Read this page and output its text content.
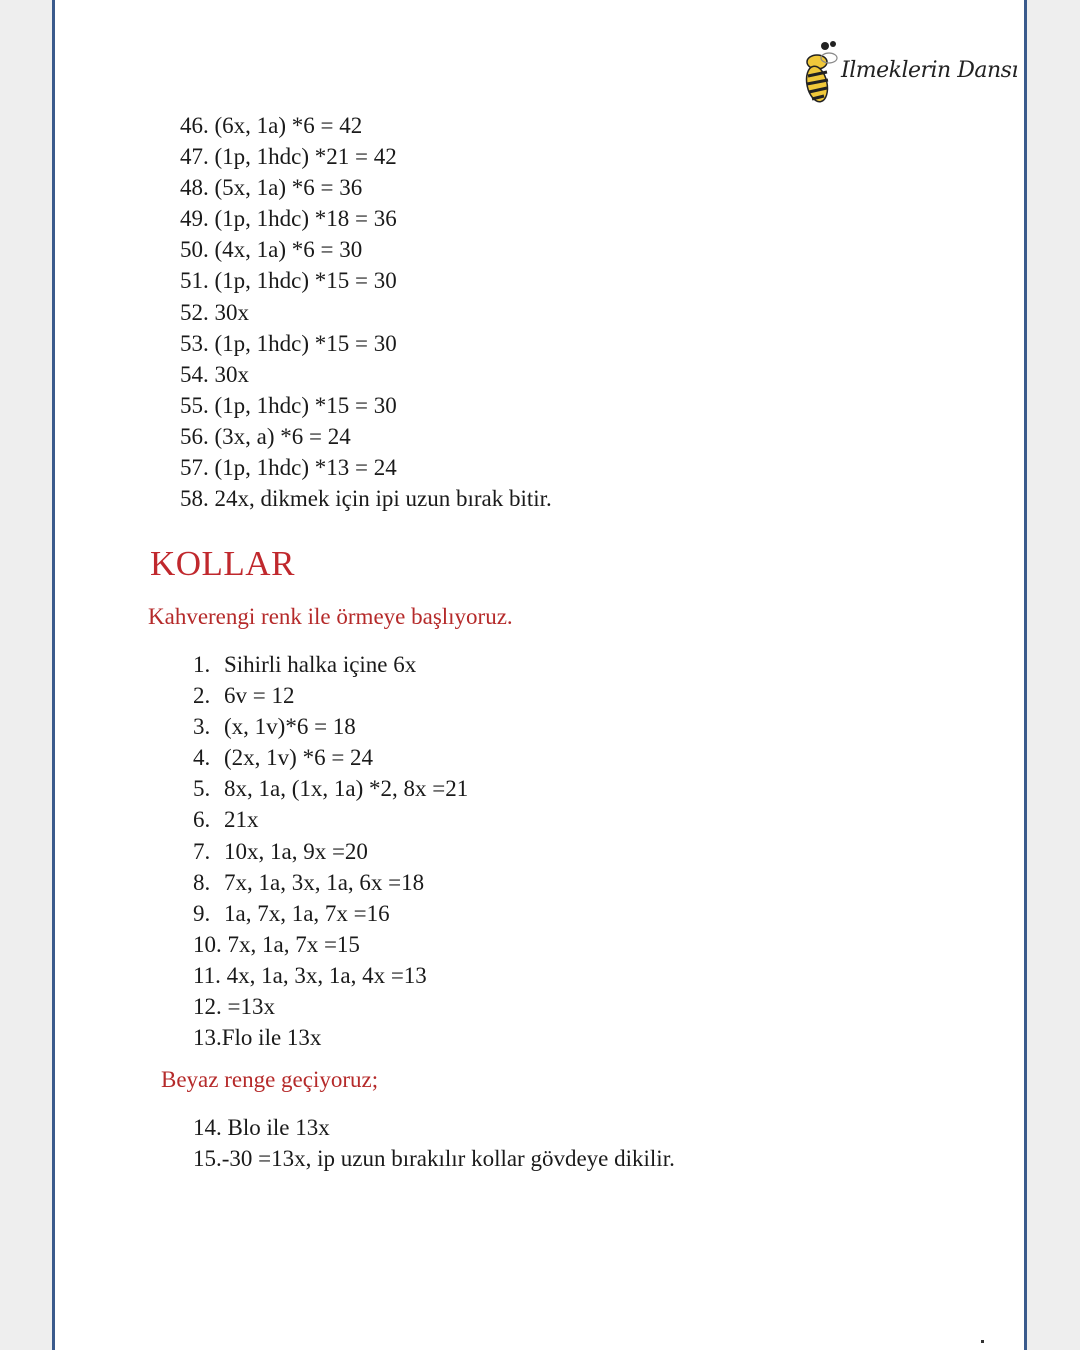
Ilmeklerin Dansı
46. (6x, 1a) *6 = 42
47. (1p, 1hdc) *21 = 42
48. (5x, 1a) *6 = 36
49. (1p, 1hdc) *18 = 36
50. (4x, 1a) *6 = 30
51. (1p, 1hdc) *15 = 30
52. 30x
53. (1p, 1hdc) *15 = 30
54. 30x
55. (1p, 1hdc) *15 = 30
56. (3x, a) *6 = 24
57. (1p, 1hdc) *13 = 24
58. 24x, dikmek için ipi uzun bırak bitir.
KOLLAR
Kahverengi renk ile örmeye başlıyoruz.
1. Sihirli halka içine 6x
2. 6v = 12
3. (x, 1v)*6 = 18
4. (2x, 1v) *6 = 24
5. 8x, 1a, (1x, 1a) *2, 8x =21
6. 21x
7. 10x, 1a, 9x =20
8. 7x, 1a, 3x, 1a, 6x =18
9. 1a, 7x, 1a, 7x =16
10. 7x, 1a, 7x =15
11. 4x, 1a, 3x, 1a, 4x =13
12. =13x
13.Flo ile 13x
Beyaz renge geçiyoruz;
14. Blo ile 13x
15.-30 =13x, ip uzun bırakılır kollar gövdeye dikilir.
